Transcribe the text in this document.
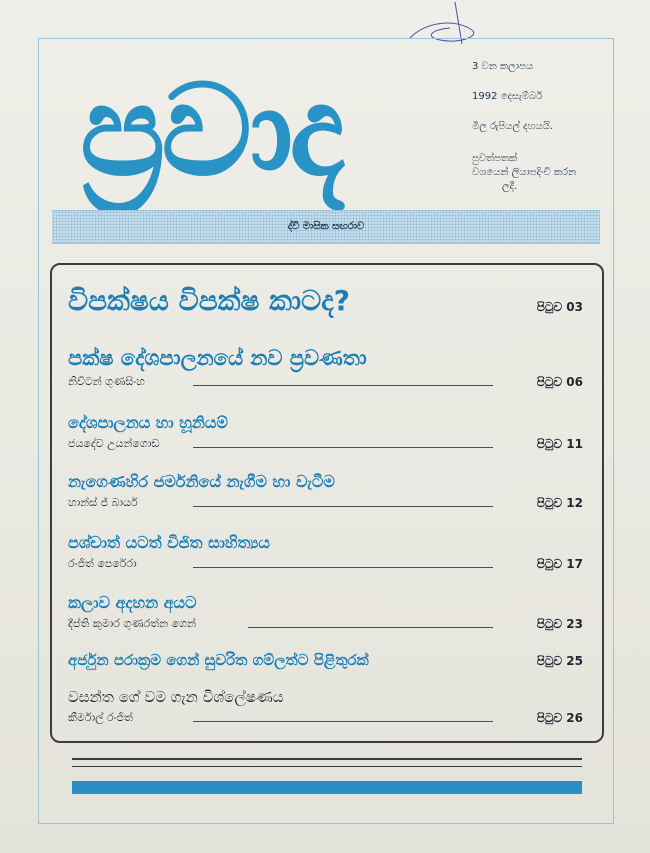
ප්‍රවාද	3 වන කලාපය
1992 දෙසැම්බර්
මිල රුපියල් දහයයි.
පුවත්පතක්
වශයෙන් ලියාපදිංචි කරන
ලදී.
ද්වි මාසික සඟරාව
විපක්ෂය විපක්ෂ කාටද?	පිටුව 03
පක්ෂ දේශපාලනයේ නව ප්‍රවණතා
නිව්ටන් ගුණසිංහ	පිටුව 06
දේශපාලනය හා හූනියම්
ජයදේව උයන්ගොඩ	පිටුව 11
නැගෙණහිර ජර්මනියේ නැගීම හා වැටීම
හාන්ස් ජ් බායර්	පිටුව 12
පශ්චාත් යටත් විජිත සාහිත්‍යය
රංජිත් පෙරේරා	පිටුව 17
කලාව අදහන අයට
දීප්ති කුමාර ගුණරත්න ගෙන්	පිටුව 23
අර්ජුන පරාක්‍රම ගෙන් සුවරිත ගම්ලත්ට පිළිතුරක්	පිටුව 25
වසන්ත ගේ වම ගැන විශ්ලේෂණය
කීර්මාල් රංජිත්	පිටුව 26
